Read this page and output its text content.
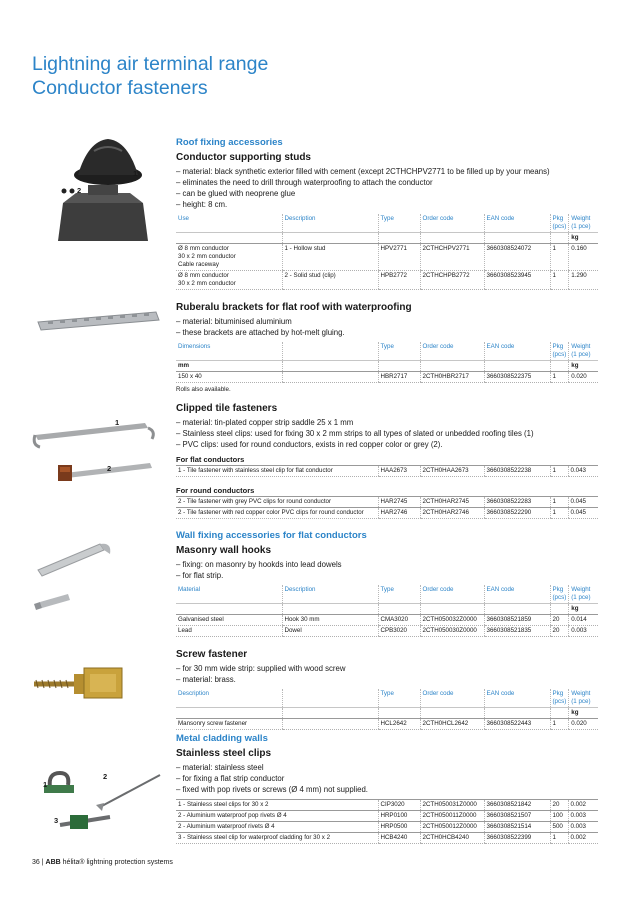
Lightning air terminal range
Conductor fasteners
1
2
1
2
1
2
3
Roof fixing accessories
Conductor supporting studs
– material: black synthetic exterior filled with cement (except 2CTHCHPV2771 to be filled up by your means)
– eliminates the need to drill through waterproofing to attach the conductor
– can be glued with neoprene glue
– height: 8 cm.
Use	Description	Type	Order code	EAN code	Pkg (pcs)	Weight (1 pce)
						kg
Ø 8 mm conductor
30 x 2 mm conductor
Cable raceway	1 - Hollow stud	HPV2771	2CTHCHPV2771	3660308524072	1	0.160
Ø 8 mm conductor
30 x 2 mm conductor	2 - Solid stud (clip)	HPB2772	2CTHCHPB2772	3660308523945	1	1.290
Ruberalu brackets for flat roof with waterproofing
– material: bituminised aluminium
– these brackets are attached by hot-melt gluing.
Dimensions		Type	Order code	EAN code	Pkg (pcs)	Weight (1 pce)
mm						kg
150 x 40		HBR2717	2CTH0HBR2717	3660308522375	1	0.020
Rolls also available.
Clipped tile fasteners
– material: tin-plated copper strip saddle 25 x 1 mm
– Stainless steel clips: used for fixing 30 x 2 mm strips to all types of slated or unbedded roofing tiles (1)
– PVC clips: used for round conductors, exists in red copper color or grey (2).
For flat conductors
1 - Tile fastener with stainless steel clip for flat conductor	HAA2673	2CTH0HAA2673	3660308522238	1	0.043
For round conductors
2 - Tile fastener with grey PVC clips for round conductor	HAR2745	2CTH0HAR2745	3660308522283	1	0.045
2 - Tile fastener with red copper color PVC clips for round conductor	HAR2746	2CTH0HAR2746	3660308522290	1	0.045
Wall fixing accessories for flat conductors
Masonry wall hooks
– fixing: on masonry by hookds into lead dowels
– for flat strip.
Material	Description	Type	Order code	EAN code	Pkg (pcs)	Weight (1 pce)
						kg
Galvanised steel	Hook 30 mm	CMA3020	2CTH050032Z0000	3660308521859	20	0.014
Lead	Dowel	CPB3020	2CTH050030Z0000	3660308521835	20	0.003
Screw fastener
– for 30 mm wide strip: supplied with wood screw
– material: brass.
Description		Type	Order code	EAN code	Pkg (pcs)	Weight (1 pce)
						kg
Mansonry screw fastener		HCL2642	2CTH0HCL2642	3660308522443	1	0.020
Metal cladding walls
Stainless steel clips
– material: stainless steel
– for fixing a flat strip conductor
– fixed with pop rivets or screws (Ø 4 mm) not supplied.
1 - Stainless steel clips for 30 x 2	CIP3020	2CTH050031Z0000	3660308521842	20	0.002
2 - Aluminium waterproof pop rivets Ø 4	HRP0100	2CTH050011Z0000	3660308521507	100	0.003
2 - Aluminium waterproof rivets Ø 4	HRP0500	2CTH050012Z0000	3660308521514	500	0.003
3 - Stainless steel clip for waterproof cladding for 30 x 2	HCB4240	2CTH0HCB4240	3660308522399	1	0.002
36 | ABB hélita® lightning protection systems
